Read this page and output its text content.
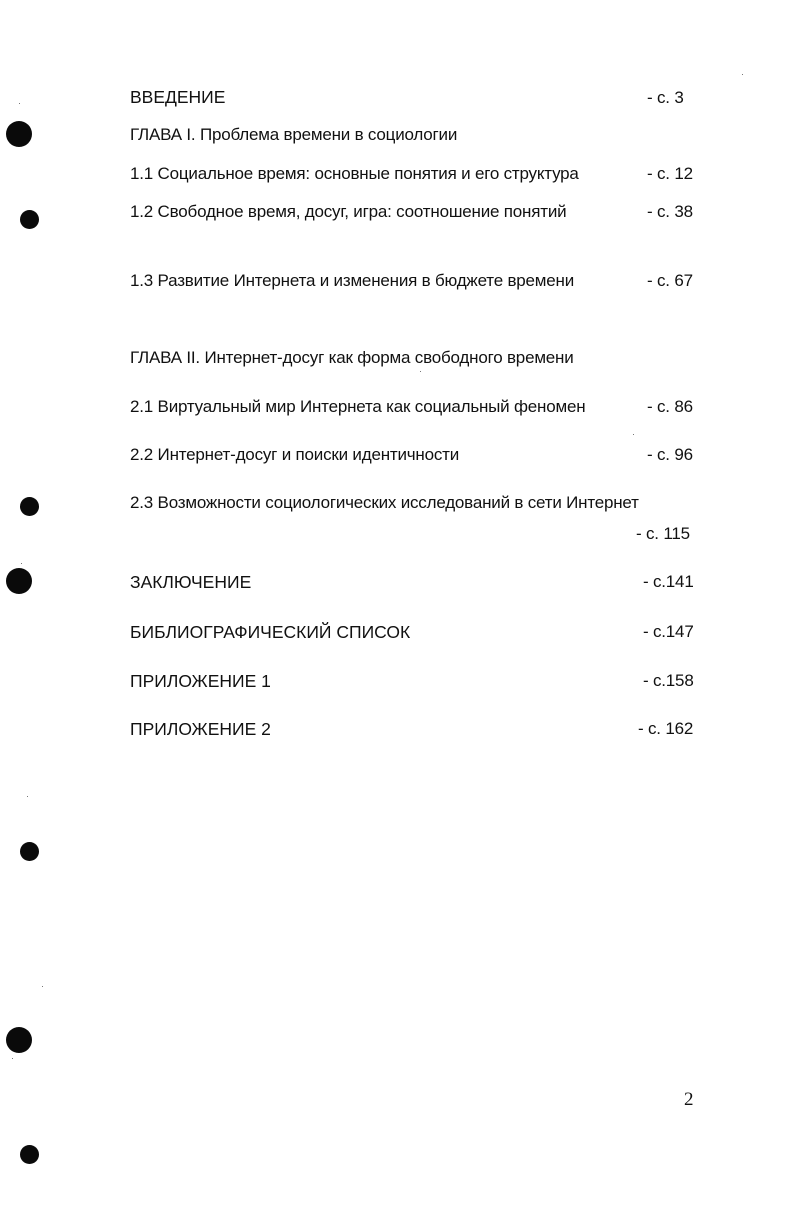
ВВЕДЕНИЕ	- с. 3
ГЛАВА I. Проблема времени в социологии
1.1 Социальное время: основные понятия и его структура	- с. 12
1.2 Свободное время, досуг, игра: соотношение понятий	- с. 38
1.3 Развитие Интернета и изменения в бюджете времени	- с. 67
ГЛАВА II. Интернет-досуг как форма свободного времени
2.1 Виртуальный мир Интернета как социальный феномен	- с. 86
2.2 Интернет-досуг и поиски идентичности	- с. 96
2.3 Возможности социологических исследований в сети Интернет
- с. 115
ЗАКЛЮЧЕНИЕ	- с.141
БИБЛИОГРАФИЧЕСКИЙ СПИСОК	- с.147
ПРИЛОЖЕНИЕ 1	- с.158
ПРИЛОЖЕНИЕ 2	- с. 162
2
